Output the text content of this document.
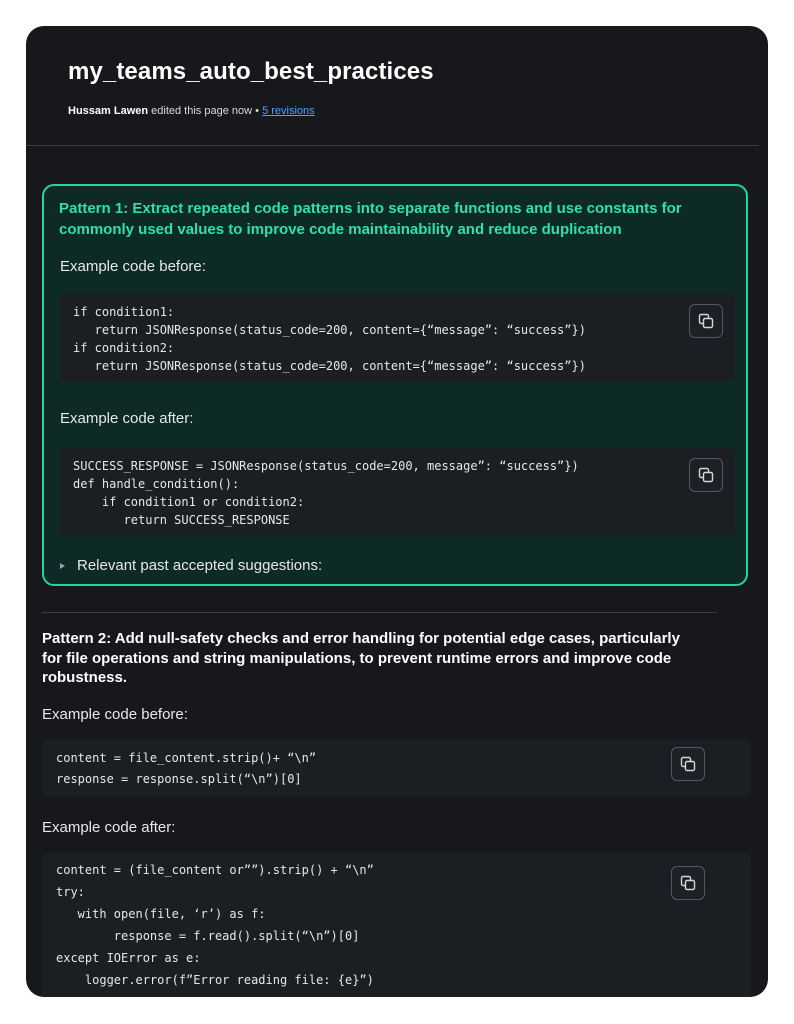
my_teams_auto_best_practices
Hussam Lawen edited this page now • 5 revisions
Pattern 1: Extract repeated code patterns into separate functions and use constants for commonly used values to improve code maintainability and reduce duplication
Example code before:
if condition1:
return JSONResponse(status_code=200, content={“message”: “success”})
if condition2:
return JSONResponse(status_code=200, content={“message”: “success”})
Example code after:
SUCCESS_RESPONSE = JSONResponse(status_code=200, message”: “success”})
def handle_condition():
if condition1 or condition2:
return SUCCESS_RESPONSE
Relevant past accepted suggestions:
Pattern 2: Add null-safety checks and error handling for potential edge cases, particularly for file operations and string manipulations, to prevent runtime errors and improve code robustness.
Example code before:
content = file_content.strip()+ “\n”
response = response.split(“\n”)[0]
Example code after:
content = (file_content or””).strip() + “\n”
try:
with open(file, ‘r’) as f:
response = f.read().split(“\n”)[0]
except IOError as e:
logger.error(f”Error reading file: {e}”)
